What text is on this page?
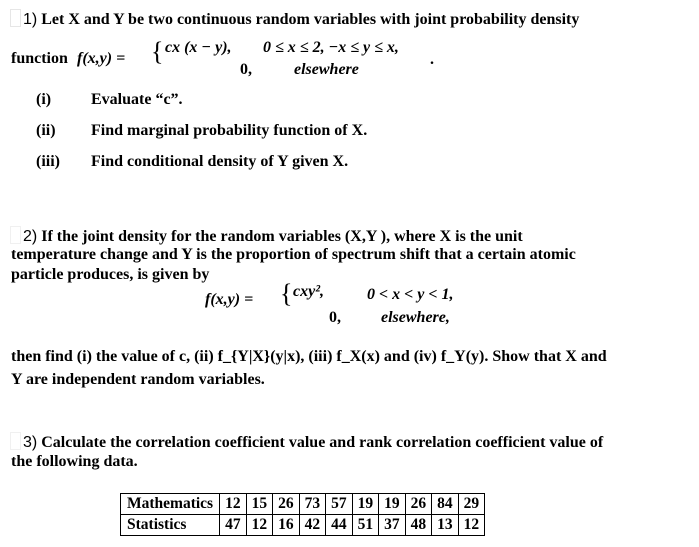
1) Let X and Y be two continuous random variables with joint probability density
function f(x,y) = { cx (x − y), 0 ≤ x ≤ 2, −x ≤ y ≤ x,
0,	elsewhere
.
(i) Evaluate “c”.
(ii) Find marginal probability function of X.
(iii) Find conditional density of Y given X.
2) If the joint density for the random variables (X,Y ), where X is the unit
temperature change and Y is the proportion of spectrum shift that a certain atomic
particle produces, is given by
f(x,y) = { cxy²,	0 < x < y < 1,
0,	elsewhere,
then find (i) the value of c, (ii) f_{Y|X}(y|x), (iii) f_X(x) and (iv) f_Y(y). Show that X and
Y are independent random variables.
3) Calculate the correlation coefficient value and rank correlation coefficient value of
the following data.
Mathematics	12	15	26	73	57	19	19	26	84	29
Statistics	47	12	16	42	44	51	37	48	13	12
